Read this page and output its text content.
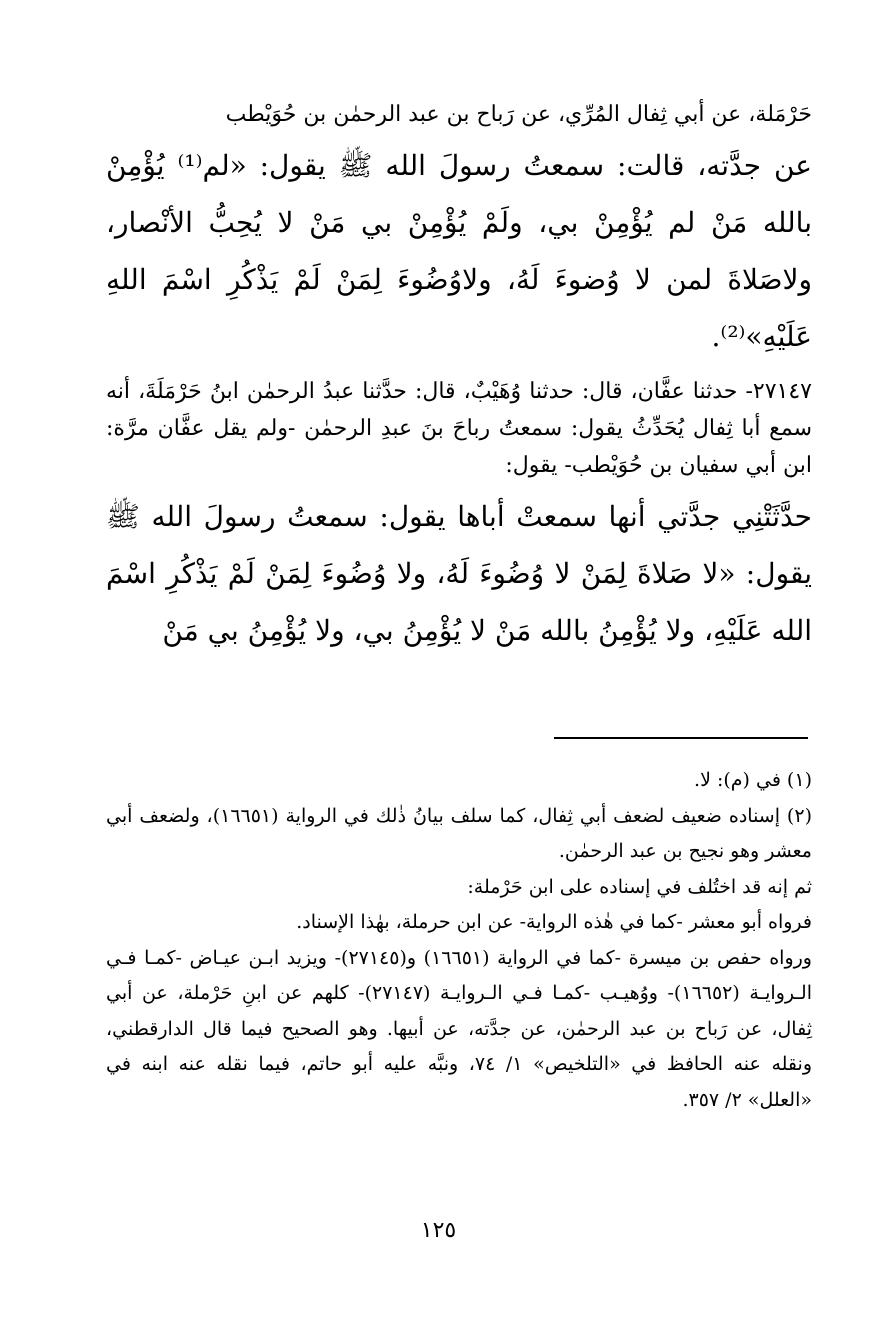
حَرْمَلة، عن أبي ثِفال المُرِّي، عن رَباح بن عبد الرحمٰن بن حُوَيْطب

عن جدَّته، قالت: سمعتُ رسولَ الله ﷺ يقول: «لم⁽¹⁾ يُؤْمِنْ بالله مَنْ لم يُؤْمِنْ بي، ولَمْ يُؤْمِنْ بي مَنْ لا يُحِبُّ الأنْصار، ولاصَلاةَ لمن لا وُضوءَ لَهُ، ولاوُضُوءَ لِمَنْ لَمْ يَذْكُرِ اسْمَ اللهِ عَلَيْهِ»⁽²⁾.

٢٧١٤٧- حدثنا عفَّان، قال: حدثنا وُهَيْبٌ، قال: حدَّثنا عبدُ الرحمٰن ابنُ حَرْمَلَةَ، أنه سمع أبا ثِفال يُحَدِّثُ يقول: سمعتُ رباحَ بنَ عبدِ الرحمٰن -ولم يقل عفَّان مرَّة: ابن أبي سفيان بن حُوَيْطب- يقول:

حدَّثَتْنِي جدَّتي أنها سمعتْ أباها يقول: سمعتُ رسولَ الله ﷺ يقول: «لا صَلاةَ لِمَنْ لا وُضُوءَ لَهُ، ولا وُضُوءَ لِمَنْ لَمْ يَذْكُرِ اسْمَ الله عَلَيْهِ، ولا يُؤْمِنُ بالله مَنْ لا يُؤْمِنُ بي، ولا يُؤْمِنُ بي مَنْ

(١) في (م): لا.

(٢) إسناده ضعيف لضعف أبي ثِفال، كما سلف بيانُ ذٰلك في الرواية (١٦٦٥١)، ولضعف أبي معشر وهو نجيح بن عبد الرحمٰن.

ثم إنه قد اختُلف في إسناده على ابن حَرْملة:

فرواه أبو معشر -كما في هٰذه الرواية- عن ابن حرملة، بهٰذا الإسناد.

ورواه حفص بن ميسرة -كما في الرواية (١٦٦٥١) و(٢٧١٤٥)- ويزيد ابـن عيـاض -كمـا فـي الـروايـة (١٦٦٥٢)- ووُهيـب -كمـا فـي الـروايـة (٢٧١٤٧)- كلهم عن ابنِ حَرْملة، عن أبي ثِفال، عن رَباح بن عبد الرحمٰن، عن جدَّته، عن أبيها. وهو الصحيح فيما قال الدارقطني، ونقله عنه الحافظ في «التلخيص» ١/ ٧٤، ونبَّه عليه أبو حاتم، فيما نقله عنه ابنه في «العلل» ٢/ ٣٥٧.

١٢٥
